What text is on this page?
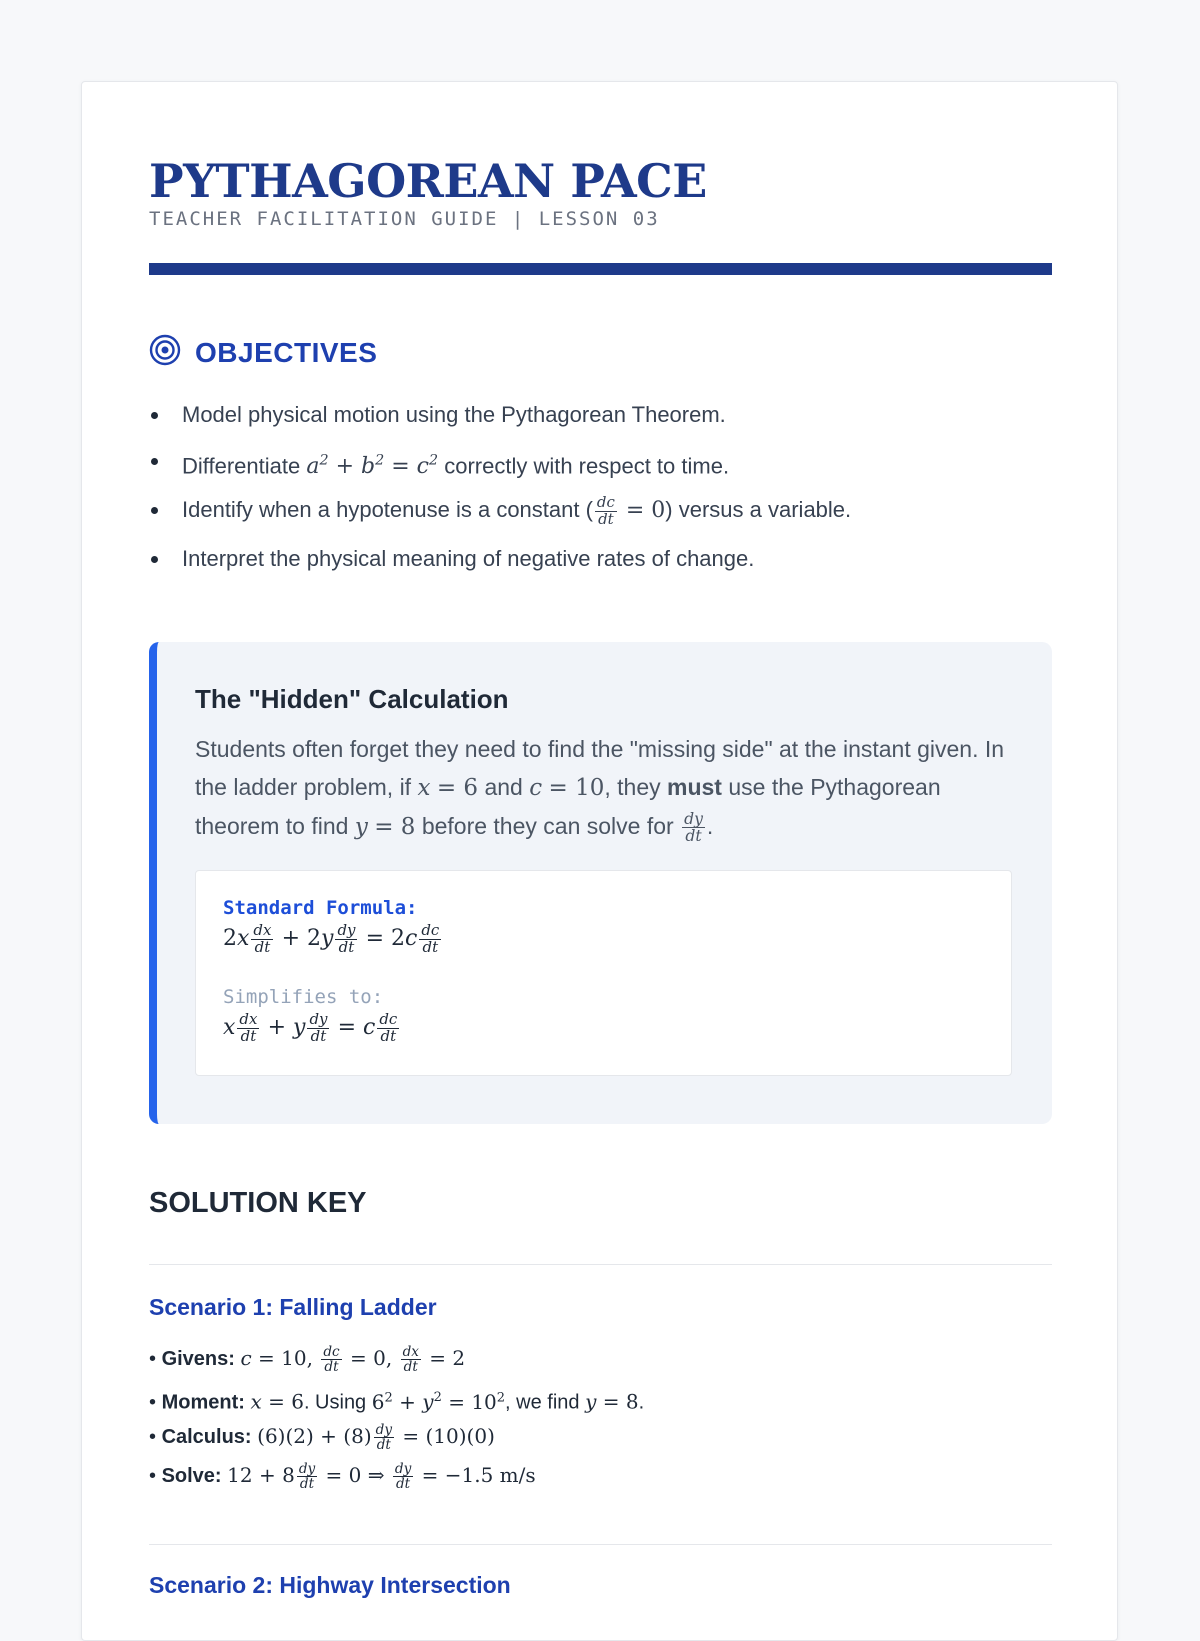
PYTHAGOREAN PACE
TEACHER FACILITATION GUIDE | LESSON 03
OBJECTIVES
Model physical motion using the Pythagorean Theorem.
Differentiate $a^2 + b^2 = c^2$ correctly with respect to time.
Identify when a hypotenuse is a constant ( $\frac{dc}{dt} = 0$) versus a variable.
Interpret the physical meaning of negative rates of change.
The "Hidden" Calculation

Students often forget they need to find the "missing side" at the instant given. In the ladder problem, if x = 6 and c = 10, they must use the Pythagorean theorem to find y = 8 before they can solve for $\frac{dy}{dt}$ .

Standard Formula:
$2x \frac{dx}{dt} + 2y \frac{dy}{dt} = 2c \frac{dc}{dt}$
Simplifies to:
x $\frac{dx}{dt} + y \frac{dy}{dt} = c \frac{dc}{dt}$
SOLUTION KEY
Scenario 1: Falling Ladder
• Givens: c = 10, $\frac{dc}{dt} = 0$, $\frac{dx}{dt} = 2$
• Moment: x = 6. Using $6^2 + y^2 = 10^2$, we find y = 8.
• Calculus: $(6)(2) + (8) \frac{dy}{dt} = (10)(0)$
• Solve: $12 + 8 \frac{dy}{dt} = 0$ ⇒ $\frac{dy}{dt} = -1.5$ m/s
Scenario 2: Highway Intersection
